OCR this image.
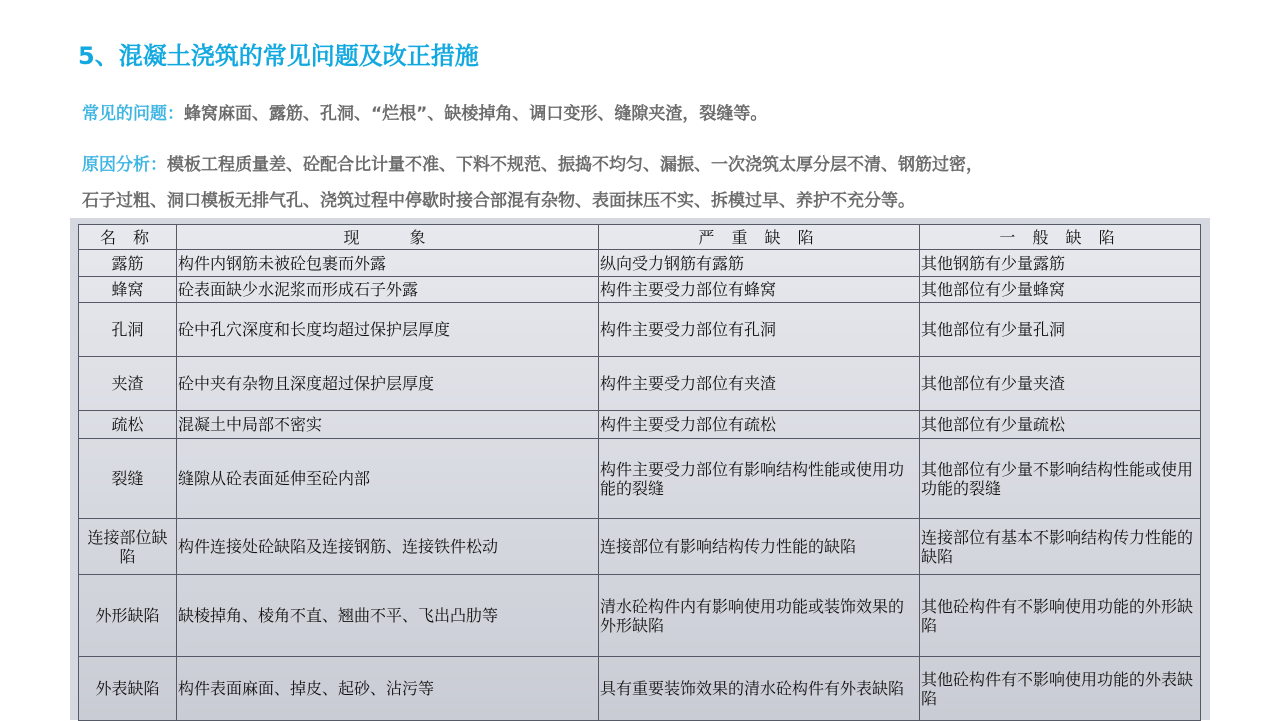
5、混凝土浇筑的常见问题及改正措施
常见的问题：蜂窝麻面、露筋、孔洞、“烂根”、缺棱掉角、调口变形、缝隙夹渣，裂缝等。
原因分析：模板工程质量差、砼配合比计量不准、下料不规范、振捣不均匀、漏振、一次浇筑太厚分层不清、钢筋过密，
石子过粗、洞口模板无排气孔、浇筑过程中停歇时接合部混有杂物、表面抹压不实、拆模过早、养护不充分等。
名 称	现　　象	严 重 缺 陷	一 般 缺 陷
露筋	构件内钢筋未被砼包裹而外露	纵向受力钢筋有露筋	其他钢筋有少量露筋
蜂窝	砼表面缺少水泥浆而形成石子外露	构件主要受力部位有蜂窝	其他部位有少量蜂窝
孔洞	砼中孔穴深度和长度均超过保护层厚度	构件主要受力部位有孔洞	其他部位有少量孔洞
夹渣	砼中夹有杂物且深度超过保护层厚度	构件主要受力部位有夹渣	其他部位有少量夹渣
疏松	混凝土中局部不密实	构件主要受力部位有疏松	其他部位有少量疏松
裂缝	缝隙从砼表面延伸至砼内部	构件主要受力部位有影响结构性能或使用功能的裂缝	其他部位有少量不影响结构性能或使用功能的裂缝
连接部位缺陷	构件连接处砼缺陷及连接钢筋、连接铁件松动	连接部位有影响结构传力性能的缺陷	连接部位有基本不影响结构传力性能的缺陷
外形缺陷	缺棱掉角、棱角不直、翘曲不平、飞出凸肋等	清水砼构件内有影响使用功能或装饰效果的外形缺陷	其他砼构件有不影响使用功能的外形缺陷
外表缺陷	构件表面麻面、掉皮、起砂、沾污等	具有重要装饰效果的清水砼构件有外表缺陷	其他砼构件有不影响使用功能的外表缺陷
